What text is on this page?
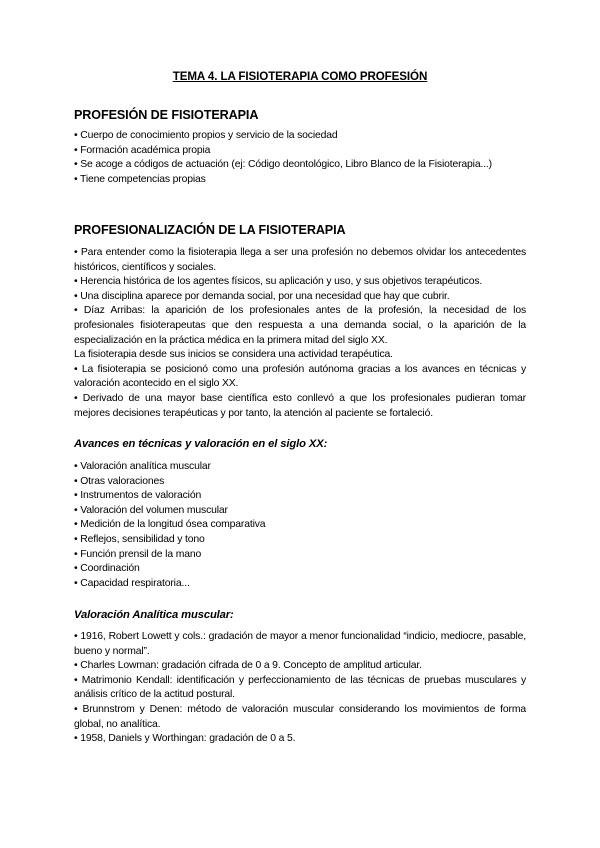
TEMA 4. LA FISIOTERAPIA COMO PROFESIÓN
PROFESIÓN DE FISIOTERAPIA

• Cuerpo de conocimiento propios y servicio de la sociedad

• Formación académica propia

• Se acoge a códigos de actuación (ej: Código deontológico, Libro Blanco de la Fisioterapia...)

• Tiene competencias propias

PROFESIONALIZACIÓN DE LA FISIOTERAPIA

• Para entender como la fisioterapia llega a ser una profesión no debemos olvidar los antecedentes históricos, científicos y sociales.

• Herencia histórica de los agentes físicos, su aplicación y uso, y sus objetivos terapéuticos.

• Una disciplina aparece por demanda social, por una necesidad que hay que cubrir.

• Díaz Arribas: la aparición de los profesionales antes de la profesión, la necesidad de los profesionales fisioterapeutas que den respuesta a una demanda social, o la aparición de la especialización en la práctica médica en la primera mitad del siglo XX.

La fisioterapia desde sus inicios se considera una actividad terapéutica.

• La fisioterapia se posicionó como una profesión autónoma gracias a los avances en técnicas y valoración acontecido en el siglo XX.

• Derivado de una mayor base científica esto conllevó a que los profesionales pudieran tomar mejores decisiones terapéuticas y por tanto, la atención al paciente se fortaleció.

Avances en técnicas y valoración en el siglo XX:
• Valoración analítica muscular
• Otras valoraciones
• Instrumentos de valoración
• Valoración del volumen muscular
• Medición de la longitud ósea comparativa
• Reflejos, sensibilidad y tono
• Función prensil de la mano
• Coordinación
• Capacidad respiratoria...
Valoración Analítica muscular:

• 1916, Robert Lowett y cols.: gradación de mayor a menor funcionalidad “indicio, mediocre, pasable, bueno y normal”.

• Charles Lowman: gradación cifrada de 0 a 9. Concepto de amplitud articular.

• Matrimonio Kendall: identificación y perfeccionamiento de las técnicas de pruebas musculares y análisis crítico de la actitud postural.

• Brunnstrom y Denen: método de valoración muscular considerando los movimientos de forma global, no analítica.

• 1958, Daniels y Worthingan: gradación de 0 a 5.
